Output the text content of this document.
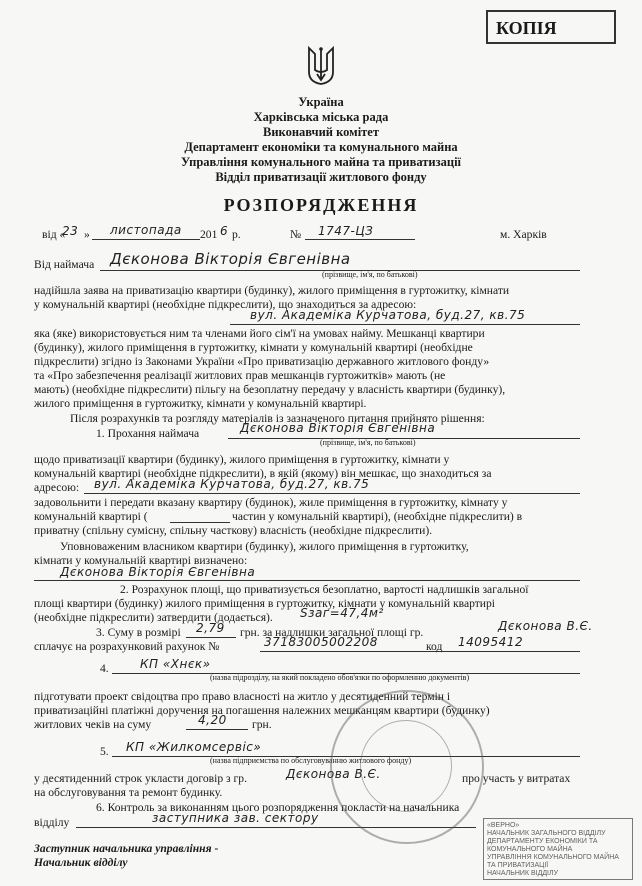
КОПІЯ
Україна
Харківська міська рада
Виконавчий комітет
Департамент економіки та комунального майна
Управління комунального майна та приватизації
Відділ приватизації житлового фонду
РОЗПОРЯДЖЕННЯ
від «
23 » листопада 201 6 р.	№ 1747-ЦЗ	м. Харків
Від наймача Дєконова Вікторія Євгенівна
(прізвище, ім'я, по батькові)
надійшла заява на приватизацію квартири (будинку), жилого приміщення в гуртожитку, кімнати
у комунальній квартирі (необхідне підкреслити), що знаходиться за адресою:
вул. Академіка Курчатова, буд.27, кв.75
яка (яке) використовується ним та членами його сім'ї на умовах найму. Мешканці квартири
(будинку), жилого приміщення в гуртожитку, кімнати у комунальній квартирі (необхідне
підкреслити) згідно із Законами України «Про приватизацію державного житлового фонду»
та «Про забезпечення реалізації житлових прав мешканців гуртожитків» мають (не
мають) (необхідне підкреслити) пільгу на безоплатну передачу у власність квартири (будинку),
жилого приміщення в гуртожитку, кімнати у комунальній квартирі.
Після розрахунків та розгляду матеріалів із зазначеного питання прийнято рішення:
1. Прохання наймача	Дєконова Вікторія Євгенівна
(прізвище, ім'я, по батькові)
щодо приватизації квартири (будинку), жилого приміщення в гуртожитку, кімнати у
комунальній квартирі (необхідне підкреслити), в якій (якому) він мешкає, що знаходиться за
адресою: вул. Академіка Курчатова, буд.27, кв.75
задовольнити і передати вказану квартиру (будинок), жиле приміщення в гуртожитку, кімнату у
комунальній квартирі (	частин у комунальній квартирі), (необхідне підкреслити) в
приватну (спільну сумісну, спільну часткову) власність (необхідне підкреслити).
Уповноваженим власником квартири (будинку), жилого приміщення в гуртожитку,
кімнати у комунальній квартирі визначено:
Дєконова Вікторія Євгенівна
2. Розрахунок площі, що приватизується безоплатно, вартості надлишків загальної
площі квартири (будинку) жилого приміщення в гуртожитку, кімнати у комунальній квартирі
(необхідне підкреслити) затвердити (додається). Sзаг=47,4м²
3. Суму в розмірі 2,79 грн. за надлишки загальної площі гр.	Дєконова В.Є.
сплачує на розрахунковий рахунок №	37183005002208	код 14095412
4.	КП «Хнєк»
(назва підрозділу, на який покладено обов'язки по оформленню документів)
підготувати проект свідоцтва про право власності на житло у десятиденний термін і
приватизаційні платіжні доручення на погашення належних мешканцям квартири (будинку)
житлових чеків на суму	4,20 грн.
5. КП «Жилкомсервіс»
(назва підприємства по обслуговуванню житлового фонду)
у десятиденний строк укласти договір з гр.	Дєконова В.Є.	про участь у витратах
на обслуговування та ремонт будинку.
6. Контроль за виконанням цього розпорядження покласти на начальника
відділу	заступника зав. сектору
Заступник начальника управління -
Начальник відділу
«ВЕРНО»
НАЧАЛЬНИК ЗАГАЛЬНОГО ВІДДІЛУ
ДЕПАРТАМЕНТУ ЕКОНОМІКИ ТА КОМУНАЛЬНОГО МАЙНА
УПРАВЛІННЯ КОМУНАЛЬНОГО МАЙНА ТА ПРИВАТИЗАЦІЇ
НАЧАЛЬНИК ВІДДІЛУ
